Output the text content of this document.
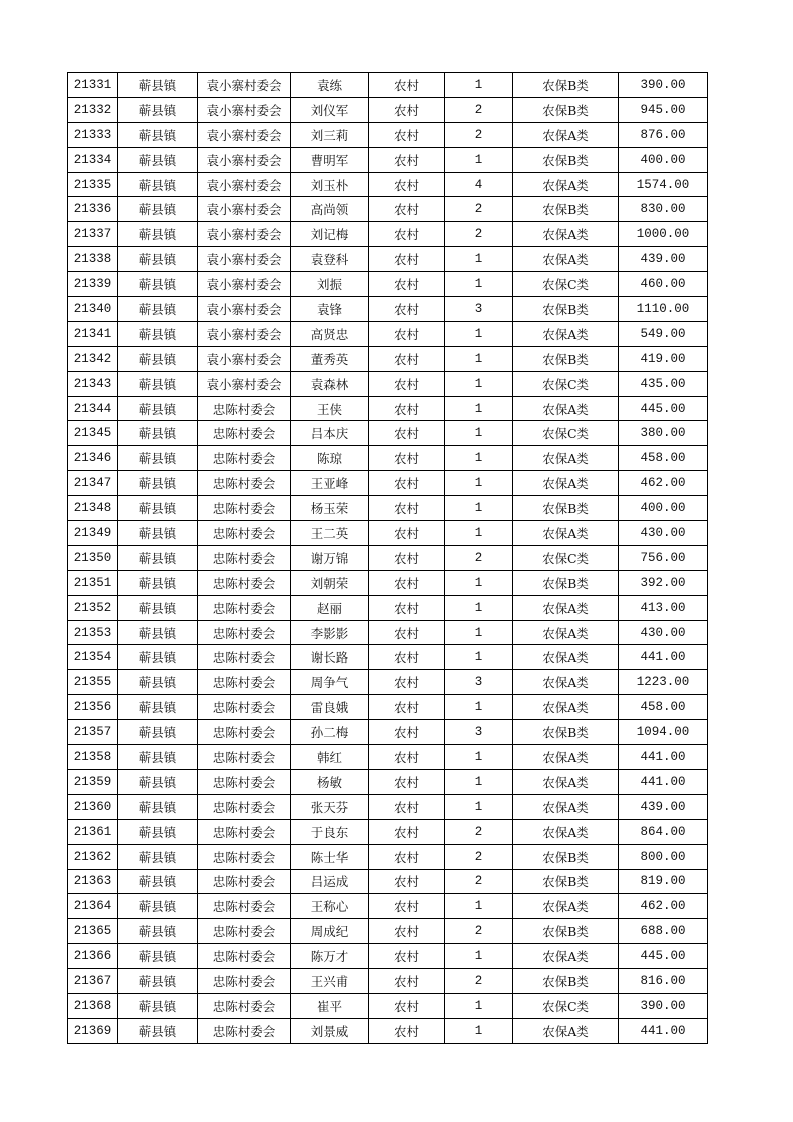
21331	蕲县镇	袁小寨村委会	袁练	农村	1	农保B类	390.00
21332	蕲县镇	袁小寨村委会	刘仪军	农村	2	农保B类	945.00
21333	蕲县镇	袁小寨村委会	刘三莉	农村	2	农保A类	876.00
21334	蕲县镇	袁小寨村委会	曹明军	农村	1	农保B类	400.00
21335	蕲县镇	袁小寨村委会	刘玉朴	农村	4	农保A类	1574.00
21336	蕲县镇	袁小寨村委会	高尚领	农村	2	农保B类	830.00
21337	蕲县镇	袁小寨村委会	刘记梅	农村	2	农保A类	1000.00
21338	蕲县镇	袁小寨村委会	袁登科	农村	1	农保A类	439.00
21339	蕲县镇	袁小寨村委会	刘振	农村	1	农保C类	460.00
21340	蕲县镇	袁小寨村委会	袁锋	农村	3	农保B类	1110.00
21341	蕲县镇	袁小寨村委会	高贤忠	农村	1	农保A类	549.00
21342	蕲县镇	袁小寨村委会	董秀英	农村	1	农保B类	419.00
21343	蕲县镇	袁小寨村委会	袁森林	农村	1	农保C类	435.00
21344	蕲县镇	忠陈村委会	王侠	农村	1	农保A类	445.00
21345	蕲县镇	忠陈村委会	吕本庆	农村	1	农保C类	380.00
21346	蕲县镇	忠陈村委会	陈琼	农村	1	农保A类	458.00
21347	蕲县镇	忠陈村委会	王亚峰	农村	1	农保A类	462.00
21348	蕲县镇	忠陈村委会	杨玉荣	农村	1	农保B类	400.00
21349	蕲县镇	忠陈村委会	王二英	农村	1	农保A类	430.00
21350	蕲县镇	忠陈村委会	谢万锦	农村	2	农保C类	756.00
21351	蕲县镇	忠陈村委会	刘朝荣	农村	1	农保B类	392.00
21352	蕲县镇	忠陈村委会	赵丽	农村	1	农保A类	413.00
21353	蕲县镇	忠陈村委会	李影影	农村	1	农保A类	430.00
21354	蕲县镇	忠陈村委会	谢长路	农村	1	农保A类	441.00
21355	蕲县镇	忠陈村委会	周争气	农村	3	农保A类	1223.00
21356	蕲县镇	忠陈村委会	雷良娥	农村	1	农保A类	458.00
21357	蕲县镇	忠陈村委会	孙二梅	农村	3	农保B类	1094.00
21358	蕲县镇	忠陈村委会	韩红	农村	1	农保A类	441.00
21359	蕲县镇	忠陈村委会	杨敏	农村	1	农保A类	441.00
21360	蕲县镇	忠陈村委会	张天芬	农村	1	农保A类	439.00
21361	蕲县镇	忠陈村委会	于良东	农村	2	农保A类	864.00
21362	蕲县镇	忠陈村委会	陈士华	农村	2	农保B类	800.00
21363	蕲县镇	忠陈村委会	吕运成	农村	2	农保B类	819.00
21364	蕲县镇	忠陈村委会	王称心	农村	1	农保A类	462.00
21365	蕲县镇	忠陈村委会	周成纪	农村	2	农保B类	688.00
21366	蕲县镇	忠陈村委会	陈万才	农村	1	农保A类	445.00
21367	蕲县镇	忠陈村委会	王兴甫	农村	2	农保B类	816.00
21368	蕲县镇	忠陈村委会	崔平	农村	1	农保C类	390.00
21369	蕲县镇	忠陈村委会	刘景威	农村	1	农保A类	441.00
